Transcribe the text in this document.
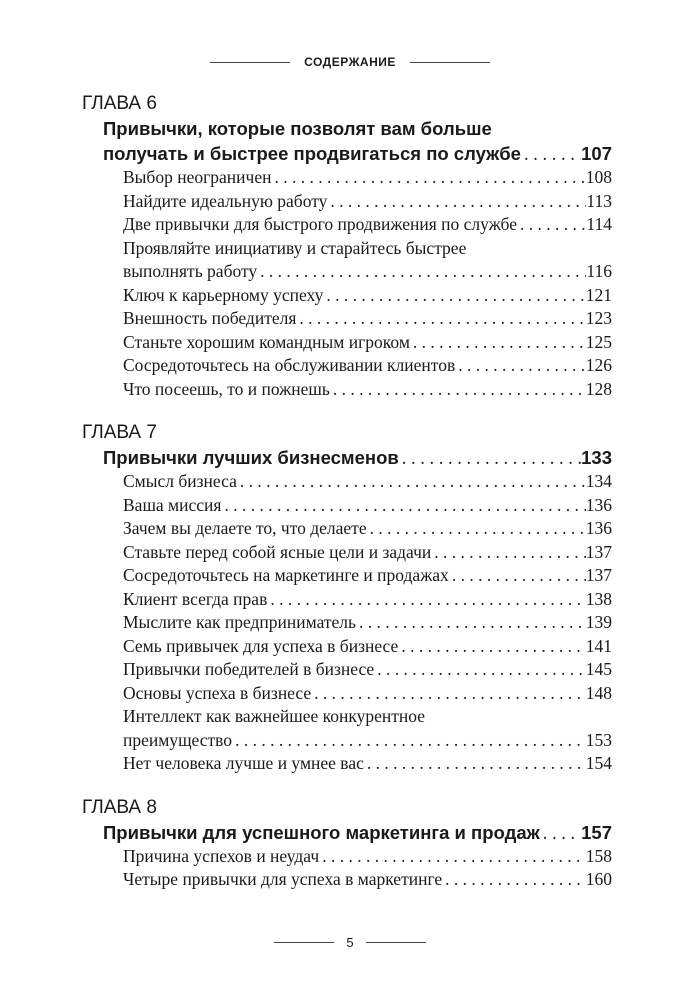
СОДЕРЖАНИЕ
ГЛАВА 6
Привычки, которые позволят вам больше
получать и быстрее продвигаться по службе . . .	107
Выбор неограничен . . .	108
Найдите идеальную работу . . .	113
Две привычки для быстрого продвижения по службе . . .	114
Проявляйте инициативу и старайтесь быстрее
выполнять работу . . .	116
Ключ к карьерному успеху . . .	121
Внешность победителя . . .	123
Станьте хорошим командным игроком . . .	125
Сосредоточьтесь на обслуживании клиентов . . .	126
Что посеешь, то и пожнешь . . .	128
ГЛАВА 7
Привычки лучших бизнесменов . . .	133
Смысл бизнеса . . .	134
Ваша миссия . . .	136
Зачем вы делаете то, что делаете . . .	136
Ставьте перед собой ясные цели и задачи . . .	137
Сосредоточьтесь на маркетинге и продажах . . .	137
Клиент всегда прав . . .	138
Мыслите как предприниматель . . .	139
Семь привычек для успеха в бизнесе . . .	141
Привычки победителей в бизнесе . . .	145
Основы успеха в бизнесе . . .	148
Интеллект как важнейшее конкурентное
преимущество . . .	153
Нет человека лучше и умнее вас . . .	154
ГЛАВА 8
Привычки для успешного маркетинга и продаж . . . 157
Причина успехов и неудач . . .	158
Четыре привычки для успеха в маркетинге . . .	160
5
